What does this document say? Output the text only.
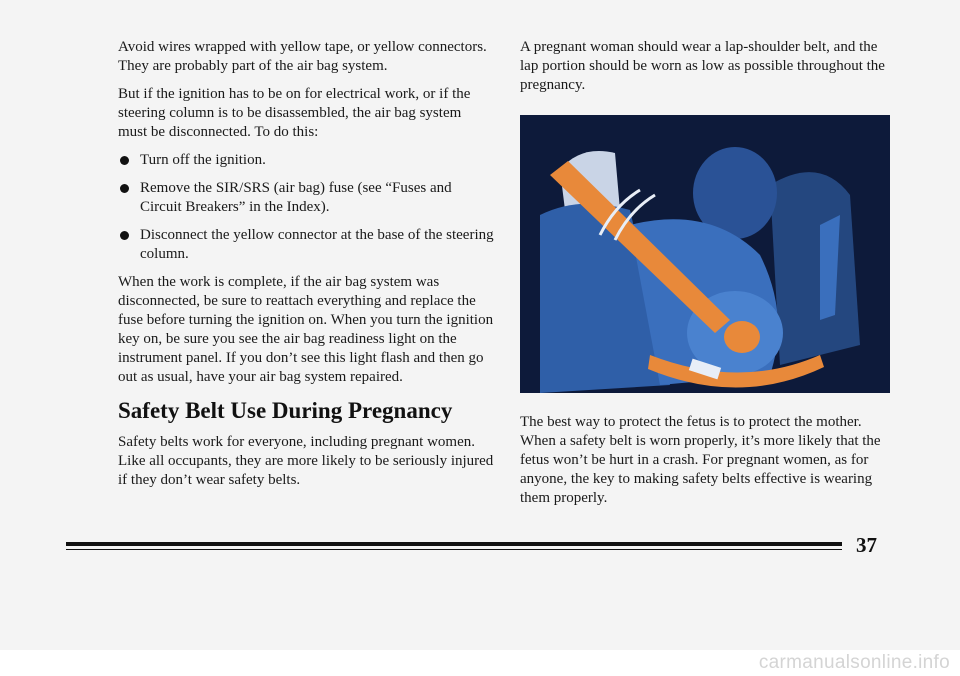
Avoid wires wrapped with yellow tape, or yellow connectors. They are probably part of the air bag system.

But if the ignition has to be on for electrical work, or if the steering column is to be disassembled, the air bag system must be disconnected. To do this:

Turn off the ignition.
Remove the SIR/SRS (air bag) fuse (see “Fuses and Circuit Breakers” in the Index).
Disconnect the yellow connector at the base of the steering column.

When the work is complete, if the air bag system was disconnected, be sure to reattach everything and replace the fuse before turning the ignition on. When you turn the ignition key on, be sure you see the air bag readiness light on the instrument panel. If you don’t see this light flash and then go out as usual, have your air bag system repaired.

Safety Belt Use During Pregnancy

Safety belts work for everyone, including pregnant women. Like all occupants, they are more likely to be seriously injured if they don’t wear safety belts.

A pregnant woman should wear a lap-shoulder belt, and the lap portion should be worn as low as possible throughout the pregnancy.

The best way to protect the fetus is to protect the mother. When a safety belt is worn properly, it’s more likely that the fetus won’t be hurt in a crash. For pregnant women, as for anyone, the key to making safety belts effective is wearing them properly.

37
carmanualsonline.info
